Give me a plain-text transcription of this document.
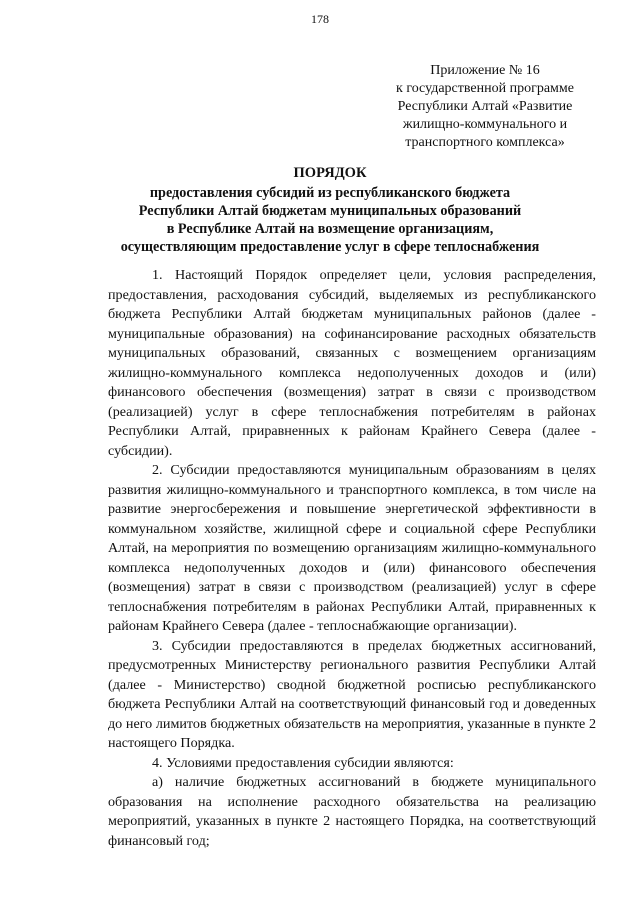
178
Приложение № 16
к государственной программе
Республики Алтай «Развитие
жилищно-коммунального и
транспортного комплекса»
ПОРЯДОК
предоставления субсидий из республиканского бюджета
Республики Алтай бюджетам муниципальных образований
в Республике Алтай на возмещение организациям,
осуществляющим предоставление услуг в сфере теплоснабжения

1. Настоящий Порядок определяет цели, условия распределения, предоставления, расходования субсидий, выделяемых из республиканского бюджета Республики Алтай бюджетам муниципальных районов (далее - муниципальные образования) на софинансирование расходных обязательств муниципальных образований, связанных с возмещением организациям жилищно-коммунального комплекса недополученных доходов и (или) финансового обеспечения (возмещения) затрат в связи с производством (реализацией) услуг в сфере теплоснабжения потребителям в районах Республики Алтай, приравненных к районам Крайнего Севера (далее - субсидии).

2. Субсидии предоставляются муниципальным образованиям в целях развития жилищно-коммунального и транспортного комплекса, в том числе на развитие энергосбережения и повышение энергетической эффективности в коммунальном хозяйстве, жилищной сфере и социальной сфере Республики Алтай, на мероприятия по возмещению организациям жилищно-коммунального комплекса недополученных доходов и (или) финансового обеспечения (возмещения) затрат в связи с производством (реализацией) услуг в сфере теплоснабжения потребителям в районах Республики Алтай, приравненных к районам Крайнего Севера (далее - теплоснабжающие организации).

3. Субсидии предоставляются в пределах бюджетных ассигнований, предусмотренных Министерству регионального развития Республики Алтай (далее - Министерство) сводной бюджетной росписью республиканского бюджета Республики Алтай на соответствующий финансовый год и доведенных до него лимитов бюджетных обязательств на мероприятия, указанные в пункте 2 настоящего Порядка.

4. Условиями предоставления субсидии являются:

а) наличие бюджетных ассигнований в бюджете муниципального образования на исполнение расходного обязательства на реализацию мероприятий, указанных в пункте 2 настоящего Порядка, на соответствующий финансовый год;
